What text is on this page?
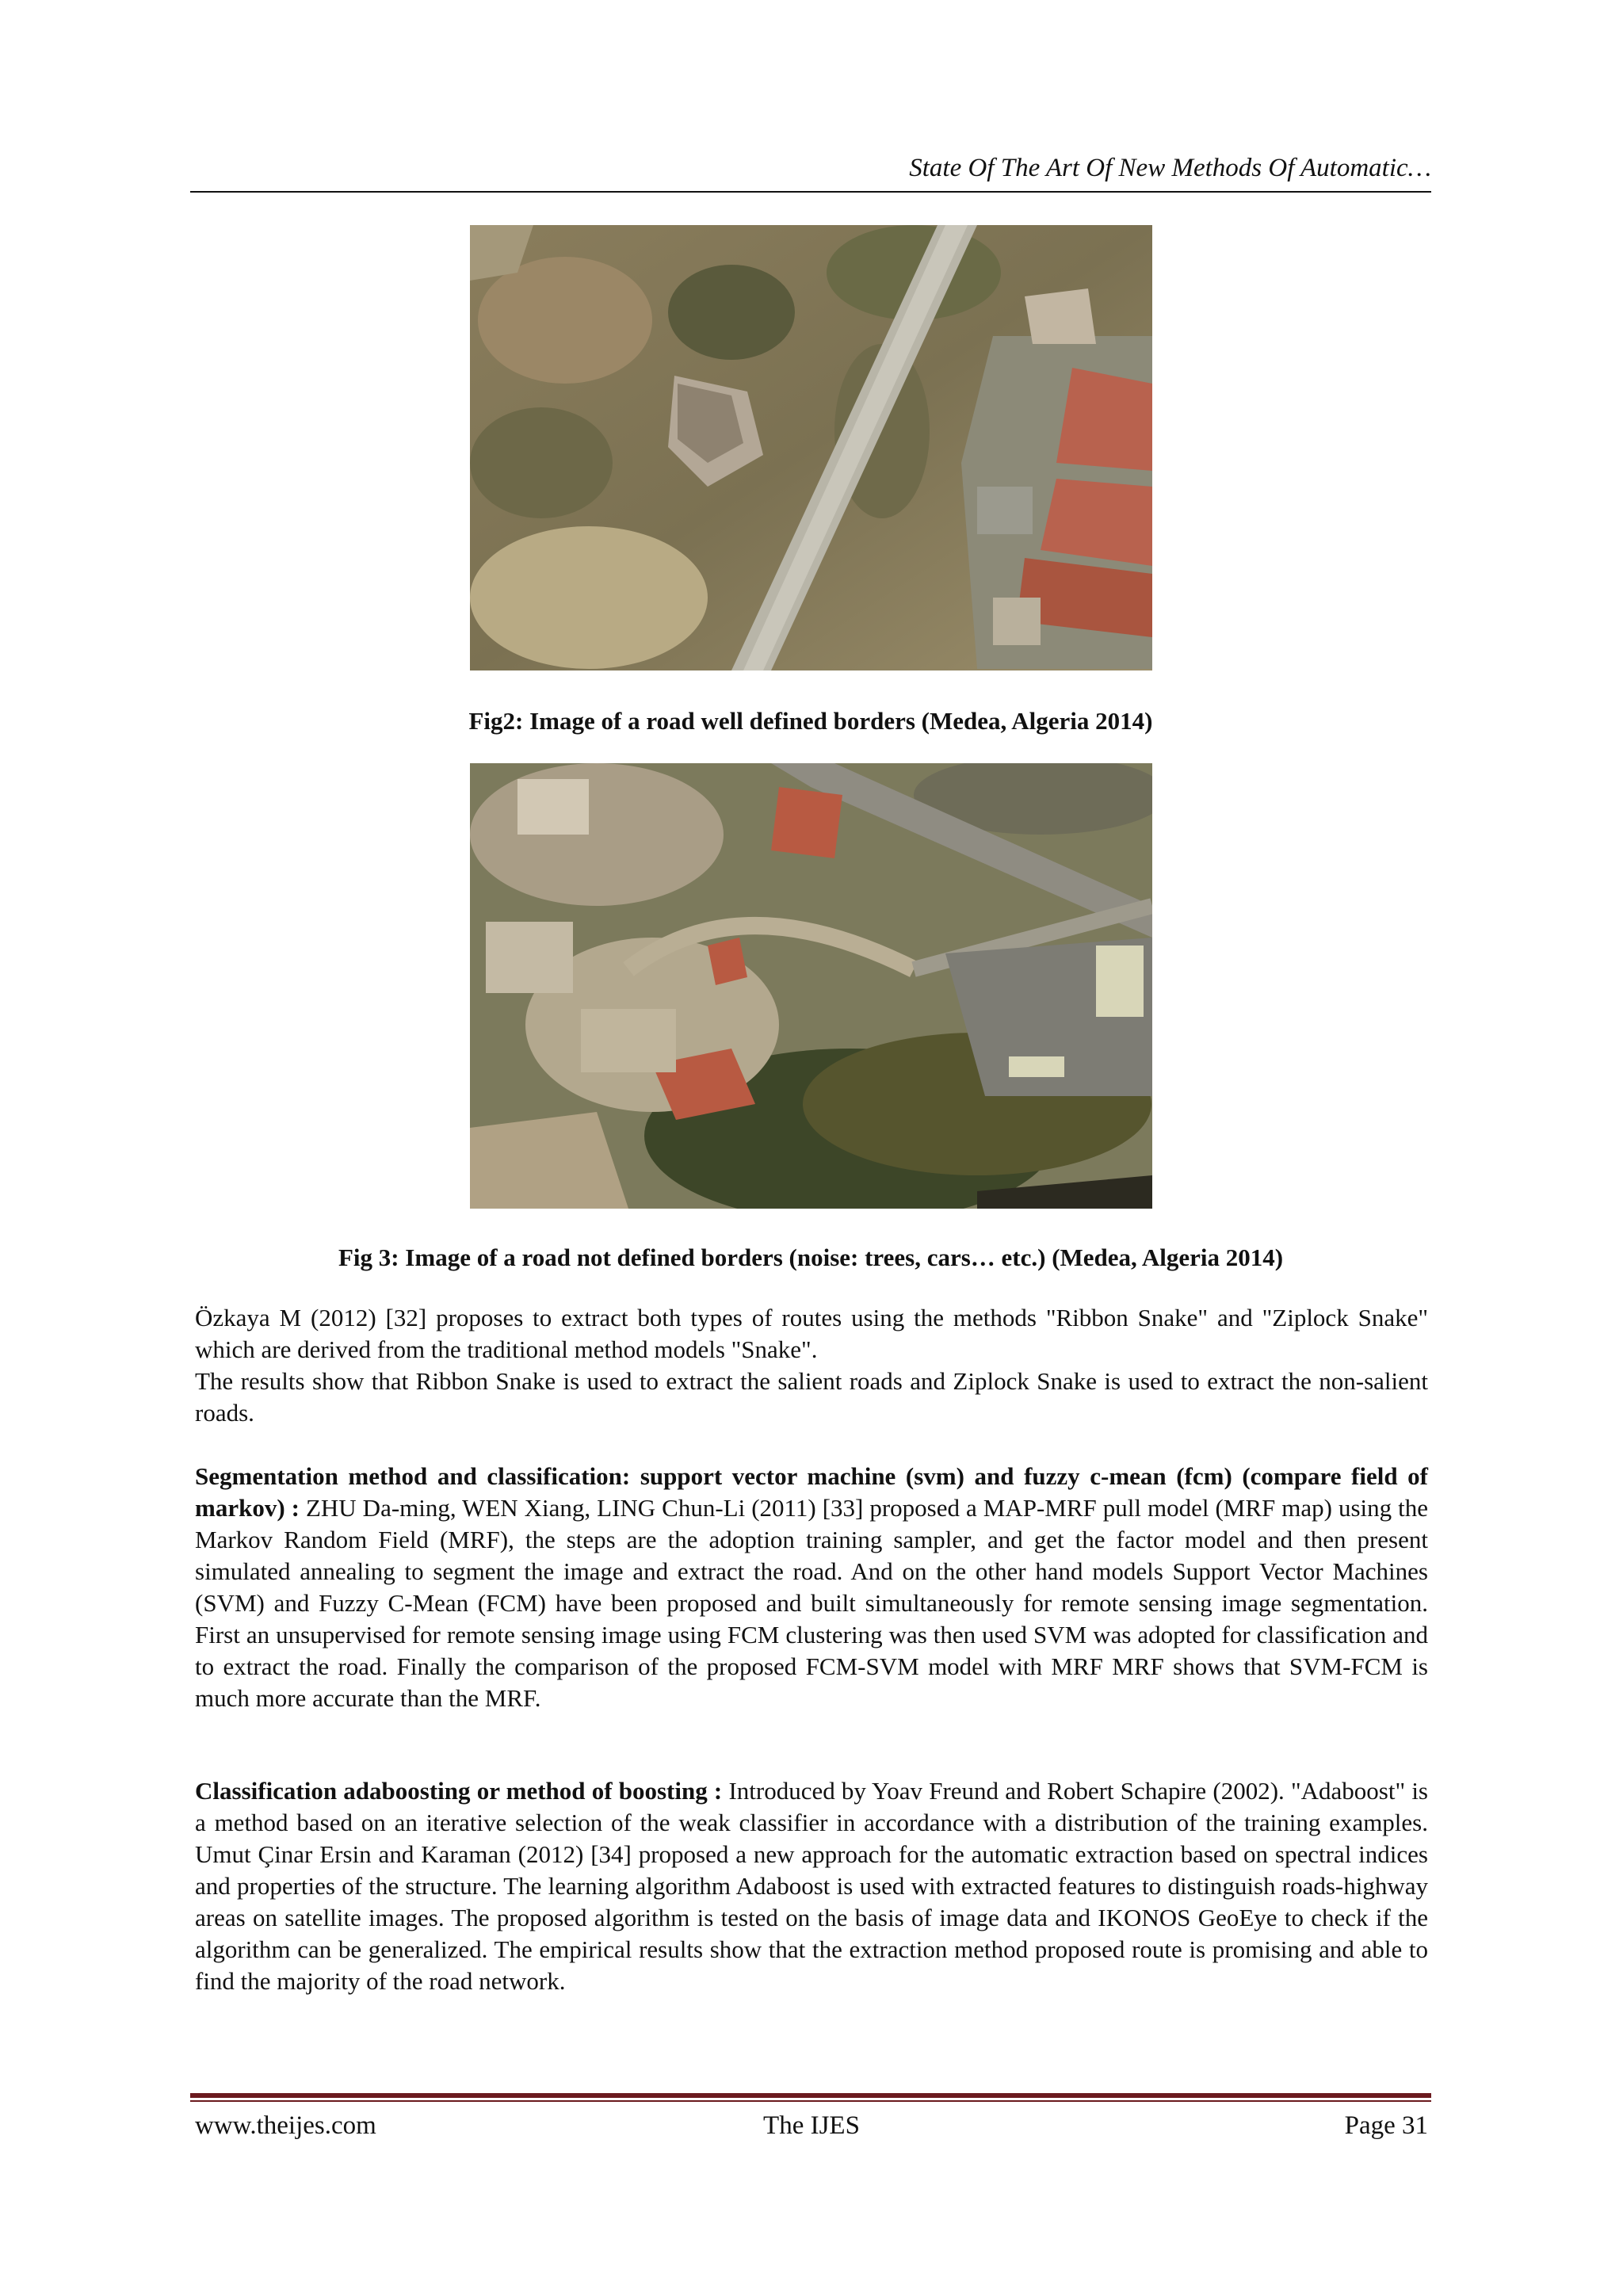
State Of The Art Of New Methods Of Automatic…
Fig2: Image of a road well defined borders (Medea, Algeria 2014)
Fig 3: Image of a road not defined borders (noise: trees, cars… etc.) (Medea, Algeria 2014)

Özkaya M (2012) [32] proposes to extract both types of routes using the methods "Ribbon Snake" and "Ziplock Snake" which are derived from the traditional method models "Snake".

The results show that Ribbon Snake is used to extract the salient roads and Ziplock Snake is used to extract the non-salient roads.

Segmentation method and classification: support vector machine (svm) and fuzzy c-mean (fcm) (compare field of markov) : ZHU Da-ming, WEN Xiang, LING Chun-Li (2011) [33] proposed a MAP-MRF pull model (MRF map) using the Markov Random Field (MRF), the steps are the adoption training sampler, and get the factor model and then present simulated annealing to segment the image and extract the road. And on the other hand models Support Vector Machines (SVM) and Fuzzy C-Mean (FCM) have been proposed and built simultaneously for remote sensing image segmentation. First an unsupervised for remote sensing image using FCM clustering was then used SVM was adopted for classification and to extract the road. Finally the comparison of the proposed FCM-SVM model with MRF MRF shows that SVM-FCM is much more accurate than the MRF.

Classification adaboosting or method of boosting : Introduced by Yoav Freund and Robert Schapire (2002). "Adaboost" is a method based on an iterative selection of the weak classifier in accordance with a distribution of the training examples. Umut Çinar Ersin and Karaman (2012) [34] proposed a new approach for the automatic extraction based on spectral indices and properties of the structure. The learning algorithm Adaboost is used with extracted features to distinguish roads-highway areas on satellite images. The proposed algorithm is tested on the basis of image data and IKONOS GeoEye to check if the algorithm can be generalized. The empirical results show that the extraction method proposed route is promising and able to find the majority of the road network.

www.theijes.com	The IJES	Page 31
